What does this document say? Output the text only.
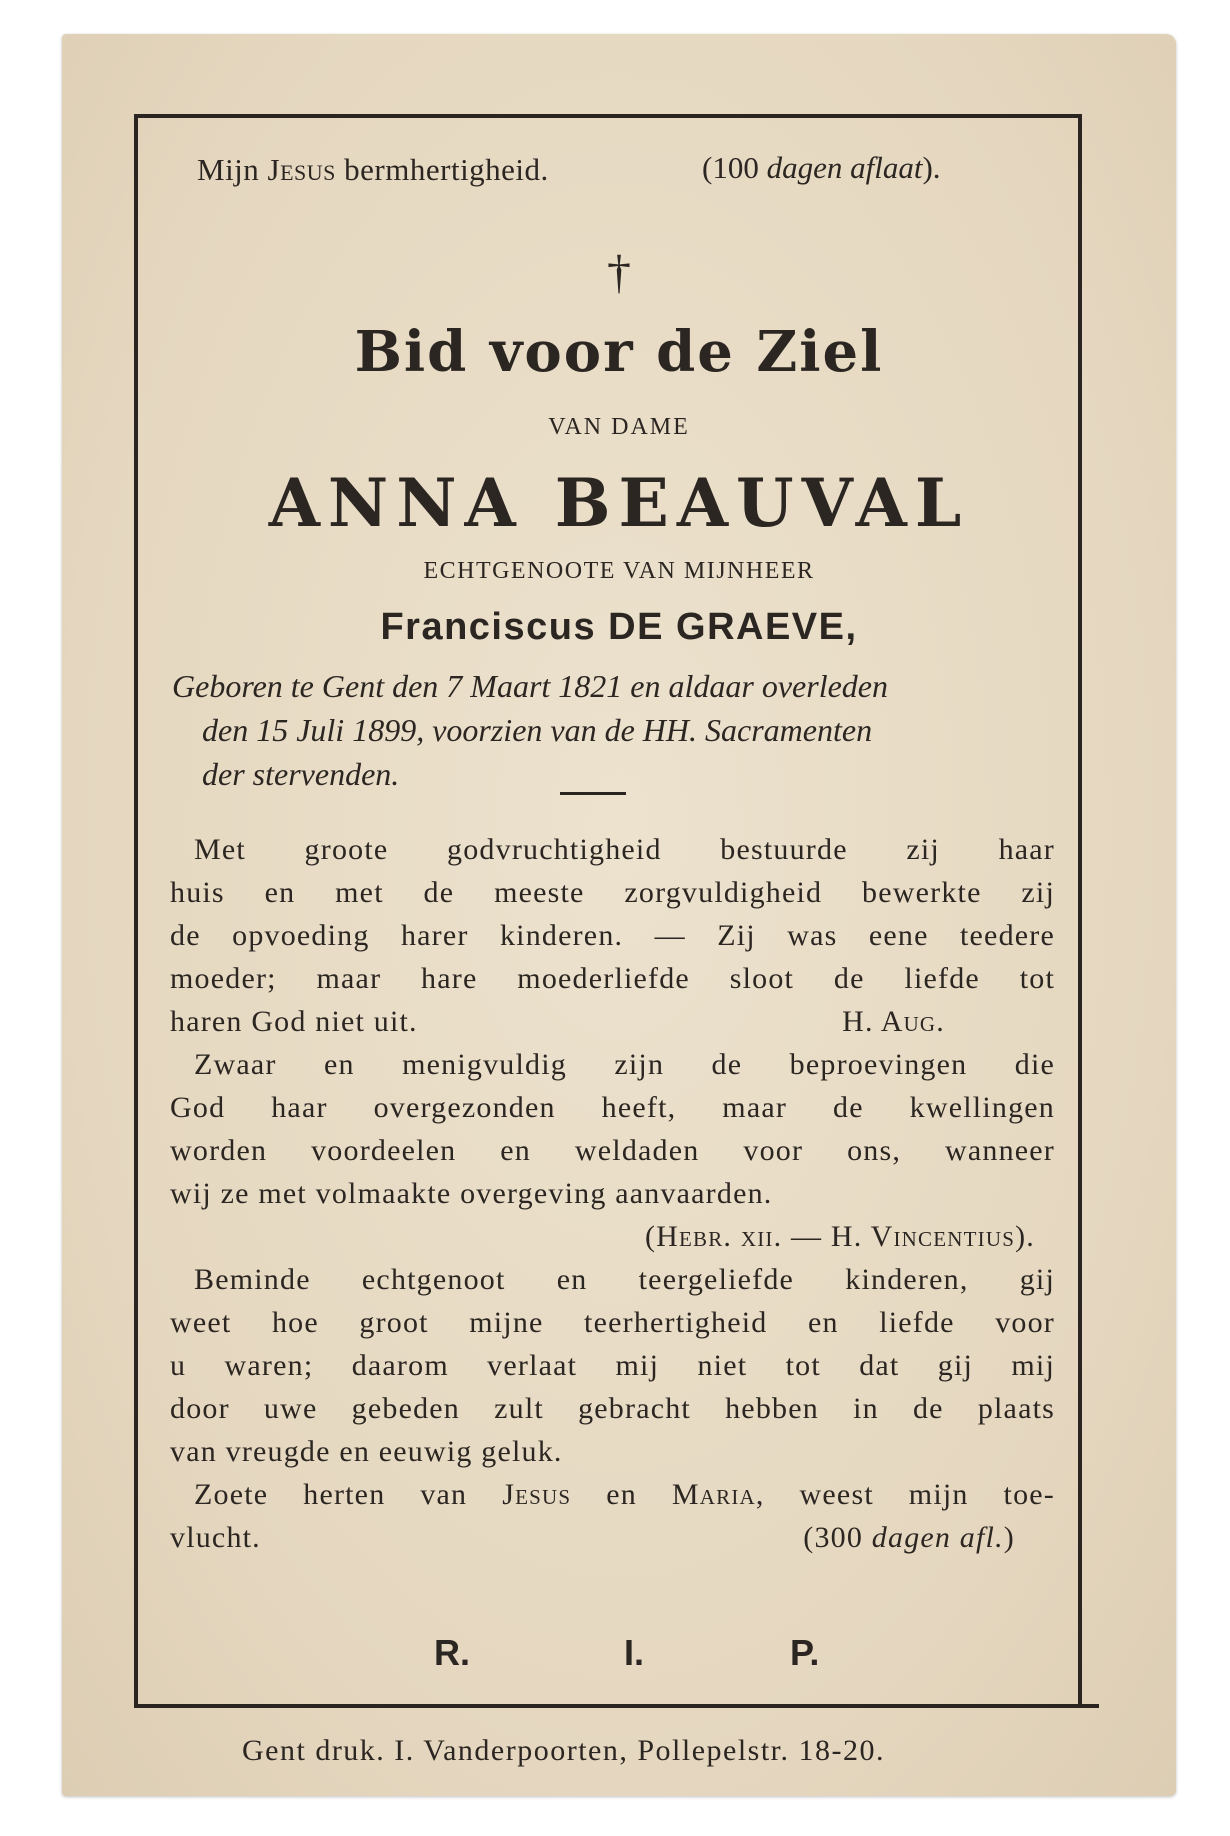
Mijn Jesus bermhertigheid.	(100 dagen aflaat).
†
Bid voor de Ziel
VAN DAME
ANNA BEAUVAL
ECHTGENOOTE VAN MIJNHEER
Franciscus DE GRAEVE,
Geboren te Gent den 7 Maart 1821 en aldaar overleden
den 15 Juli 1899, voorzien van de HH. Sacramenten
der stervenden.
Met groote godvruchtigheid bestuurde zij haar
huis en met de meeste zorgvuldigheid bewerkte zij
de opvoeding harer kinderen. — Zij was eene teedere
moeder; maar hare moederliefde sloot de liefde tot
haren God niet uit.	H. Aug.
Zwaar en menigvuldig zijn de beproevingen die
God haar overgezonden heeft, maar de kwellingen
worden voordeelen en weldaden voor ons, wanneer
wij ze met volmaakte overgeving aanvaarden.
(Hebr. xii. — H. Vincentius).
Beminde echtgenoot en teergeliefde kinderen, gij
weet hoe groot mijne teerhertigheid en liefde voor
u waren; daarom verlaat mij niet tot dat gij mij
door uwe gebeden zult gebracht hebben in de plaats
van vreugde en eeuwig geluk.
Zoete herten van Jesus en Maria, weest mijn toe-
vlucht.	(300 dagen afl.)
R.	I.	P.
Gent druk. I. Vanderpoorten, Pollepelstr. 18-20.
